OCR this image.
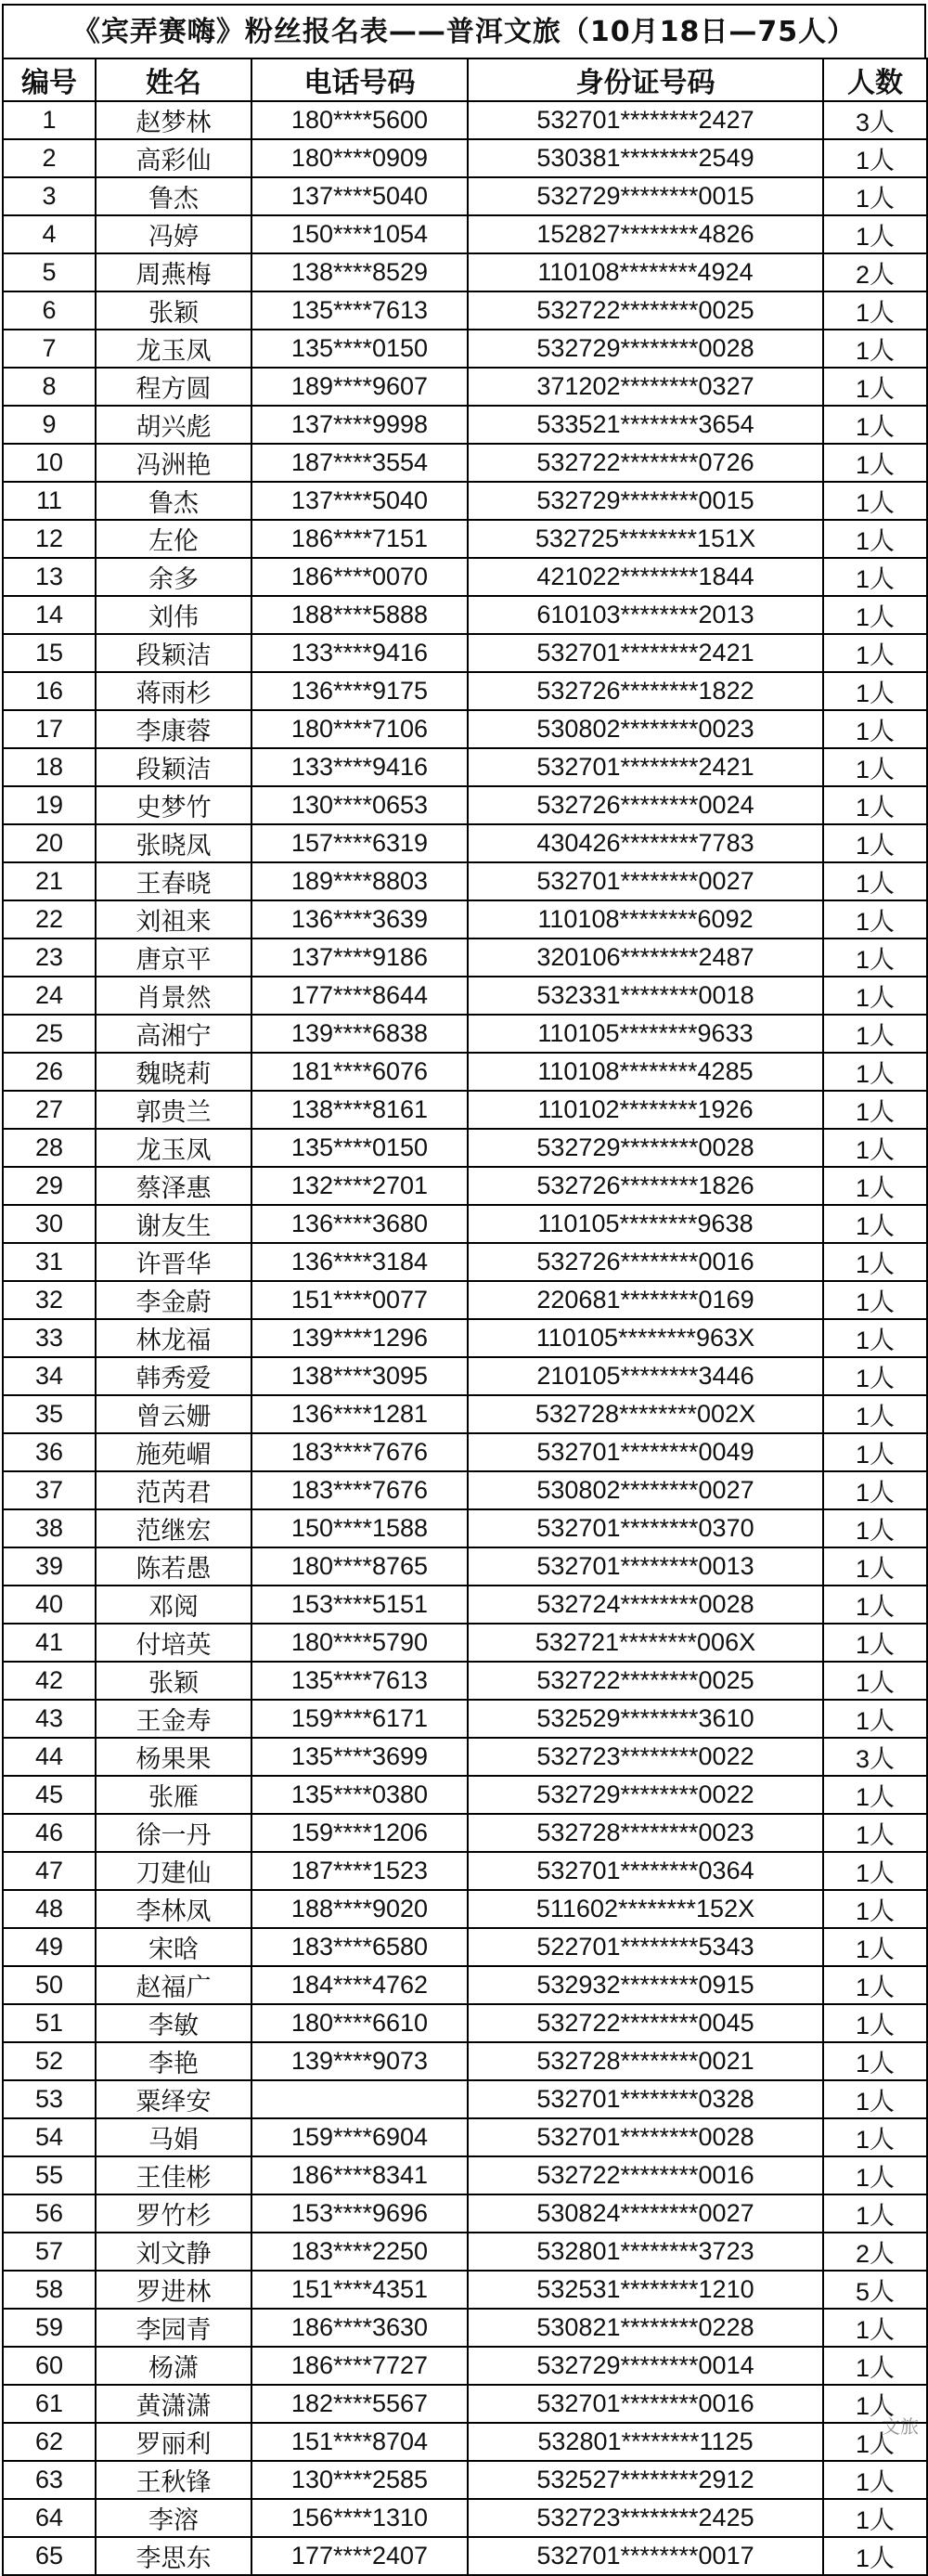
《宾弄赛嗨》粉丝报名表——普洱文旅（10月18日—75人）
编号	姓名	电话号码	身份证号码	人数
1	赵梦林	180****5600	532701********2427	3人
2	高彩仙	180****0909	530381********2549	1人
3	鲁杰	137****5040	532729********0015	1人
4	冯婷	150****1054	152827********4826	1人
5	周燕梅	138****8529	110108********4924	2人
6	张颖	135****7613	532722********0025	1人
7	龙玉凤	135****0150	532729********0028	1人
8	程方圆	189****9607	371202********0327	1人
9	胡兴彪	137****9998	533521********3654	1人
10	冯洲艳	187****3554	532722********0726	1人
11	鲁杰	137****5040	532729********0015	1人
12	左伦	186****7151	532725********151X	1人
13	余多	186****0070	421022********1844	1人
14	刘伟	188****5888	610103********2013	1人
15	段颖洁	133****9416	532701********2421	1人
16	蒋雨杉	136****9175	532726********1822	1人
17	李康蓉	180****7106	530802********0023	1人
18	段颖洁	133****9416	532701********2421	1人
19	史梦竹	130****0653	532726********0024	1人
20	张晓凤	157****6319	430426********7783	1人
21	王春晓	189****8803	532701********0027	1人
22	刘祖来	136****3639	110108********6092	1人
23	唐京平	137****9186	320106********2487	1人
24	肖景然	177****8644	532331********0018	1人
25	高湘宁	139****6838	110105********9633	1人
26	魏晓莉	181****6076	110108********4285	1人
27	郭贵兰	138****8161	110102********1926	1人
28	龙玉凤	135****0150	532729********0028	1人
29	蔡泽惠	132****2701	532726********1826	1人
30	谢友生	136****3680	110105********9638	1人
31	许晋华	136****3184	532726********0016	1人
32	李金蔚	151****0077	220681********0169	1人
33	林龙福	139****1296	110105********963X	1人
34	韩秀爱	138****3095	210105********3446	1人
35	曾云姗	136****1281	532728********002X	1人
36	施苑嵋	183****7676	532701********0049	1人
37	范芮君	183****7676	530802********0027	1人
38	范继宏	150****1588	532701********0370	1人
39	陈若愚	180****8765	532701********0013	1人
40	邓阅	153****5151	532724********0028	1人
41	付培英	180****5790	532721********006X	1人
42	张颖	135****7613	532722********0025	1人
43	王金寿	159****6171	532529********3610	1人
44	杨果果	135****3699	532723********0022	3人
45	张雁	135****0380	532729********0022	1人
46	徐一丹	159****1206	532728********0023	1人
47	刀建仙	187****1523	532701********0364	1人
48	李林凤	188****9020	511602********152X	1人
49	宋晗	183****6580	522701********5343	1人
50	赵福广	184****4762	532932********0915	1人
51	李敏	180****6610	532722********0045	1人
52	李艳	139****9073	532728********0021	1人
53	粟绎安		532701********0328	1人
54	马娟	159****6904	532701********0028	1人
55	王佳彬	186****8341	532722********0016	1人
56	罗竹杉	153****9696	530824********0027	1人
57	刘文静	183****2250	532801********3723	2人
58	罗进林	151****4351	532531********1210	5人
59	李园青	186****3630	530821********0228	1人
60	杨潇	186****7727	532729********0014	1人
61	黄潇潇	182****5567	532701********0016	1人
62	罗丽利	151****8704	532801********1125	1人
63	王秋锋	130****2585	532527********2912	1人
64	李溶	156****1310	532723********2425	1人
65	李思东	177****2407	532701********0017	1人
文旅
